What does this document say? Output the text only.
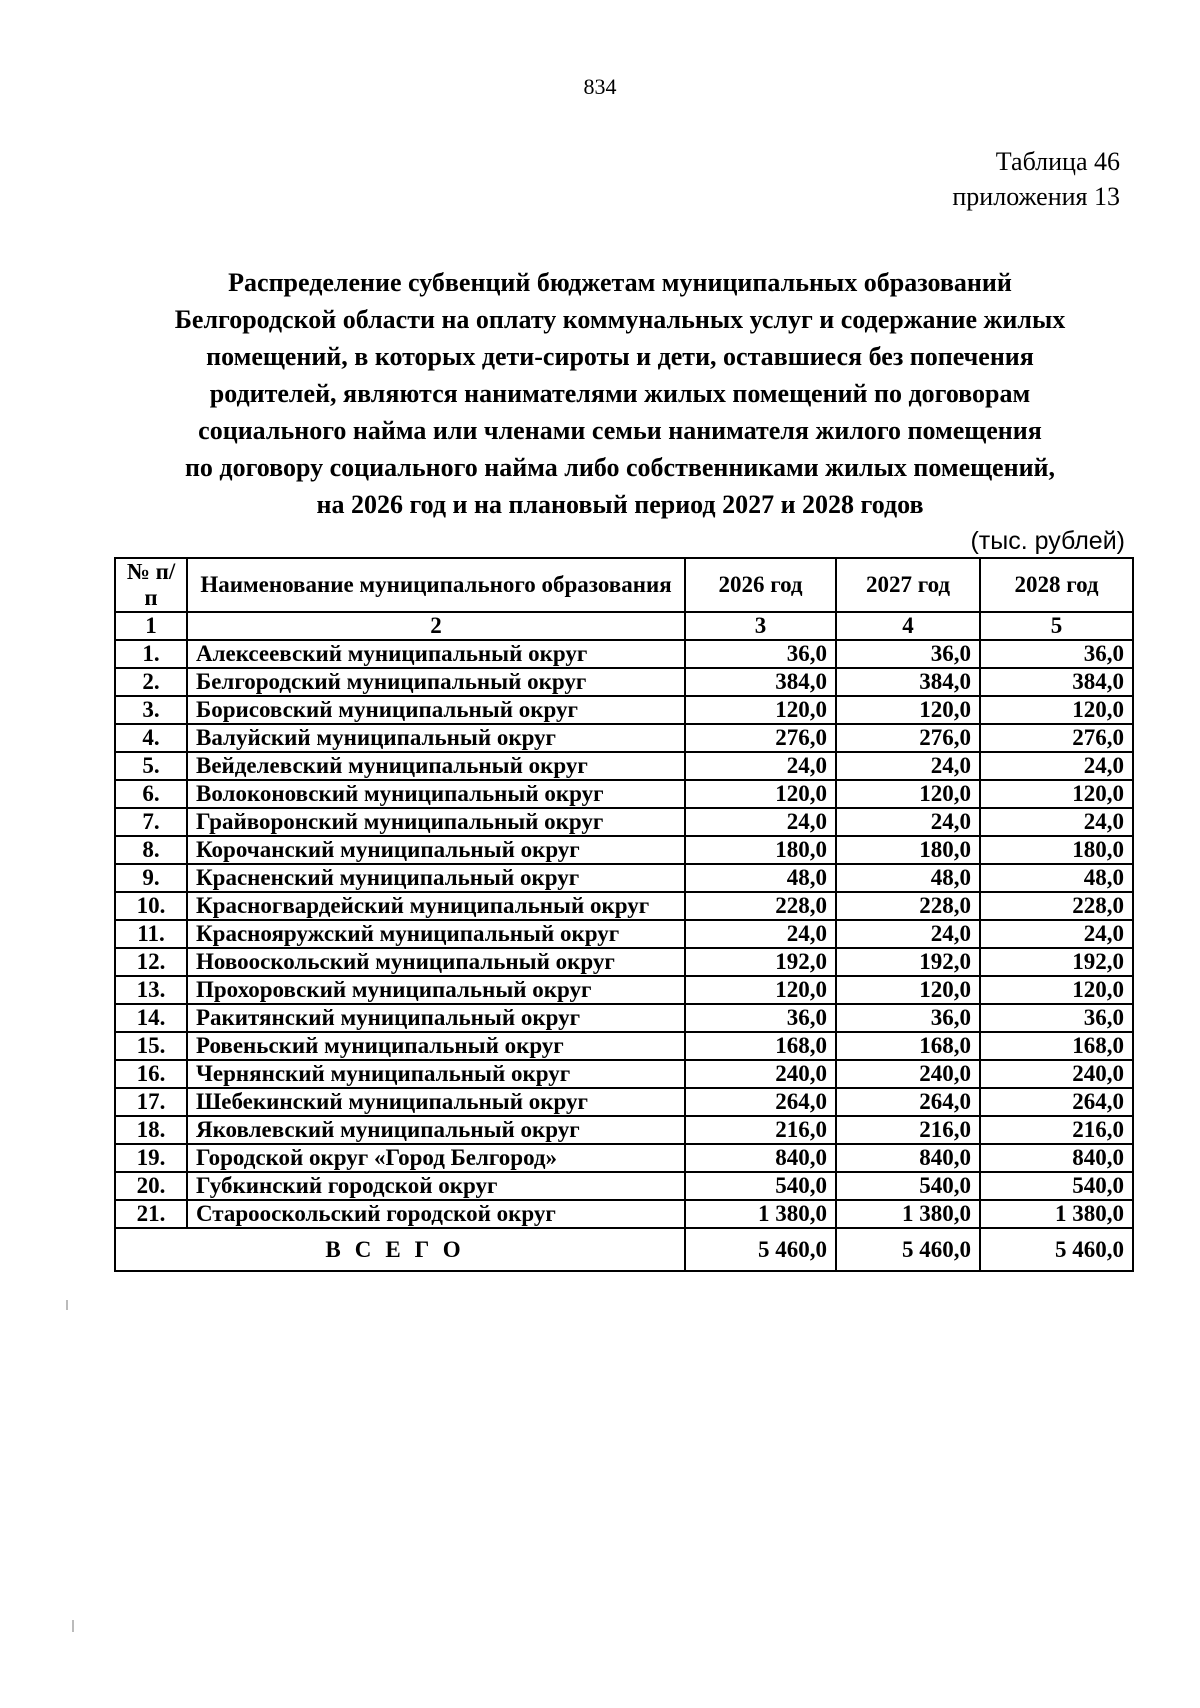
834
Таблица 46
приложения 13
Распределение субвенций бюджетам муниципальных образований
Белгородской области на оплату коммунальных услуг и содержание жилых
помещений, в которых дети-сироты и дети, оставшиеся без попечения
родителей, являются нанимателями жилых помещений по договорам
социального найма или членами семьи нанимателя жилого помещения
по договору социального найма либо собственниками жилых помещений,
на 2026 год и на плановый период 2027 и 2028 годов
(тыс. рублей)
№ п/п	Наименование муниципального образования	2026 год	2027 год	2028 год
1	2	3	4	5
1.	Алексеевский муниципальный округ	36,0	36,0	36,0
2.	Белгородский муниципальный округ	384,0	384,0	384,0
3.	Борисовский муниципальный округ	120,0	120,0	120,0
4.	Валуйский муниципальный округ	276,0	276,0	276,0
5.	Вейделевский муниципальный округ	24,0	24,0	24,0
6.	Волоконовский муниципальный округ	120,0	120,0	120,0
7.	Грайворонский муниципальный округ	24,0	24,0	24,0
8.	Корочанский муниципальный округ	180,0	180,0	180,0
9.	Красненский муниципальный округ	48,0	48,0	48,0
10.	Красногвардейский муниципальный округ	228,0	228,0	228,0
11.	Краснояружский муниципальный округ	24,0	24,0	24,0
12.	Новооскольский муниципальный округ	192,0	192,0	192,0
13.	Прохоровский муниципальный округ	120,0	120,0	120,0
14.	Ракитянский муниципальный округ	36,0	36,0	36,0
15.	Ровеньский муниципальный округ	168,0	168,0	168,0
16.	Чернянский муниципальный округ	240,0	240,0	240,0
17.	Шебекинский муниципальный округ	264,0	264,0	264,0
18.	Яковлевский муниципальный округ	216,0	216,0	216,0
19.	Городской округ «Город Белгород»	840,0	840,0	840,0
20.	Губкинский городской округ	540,0	540,0	540,0
21.	Старооскольский городской округ	1 380,0	1 380,0	1 380,0
ВСЕГО		5 460,0	5 460,0	5 460,0
